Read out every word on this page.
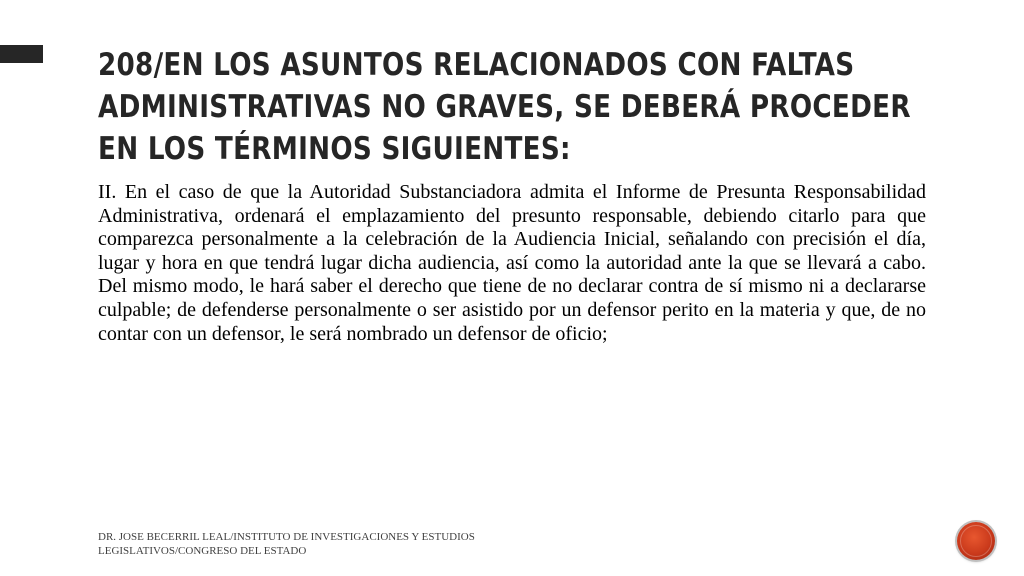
208/EN LOS ASUNTOS RELACIONADOS CON FALTAS ADMINISTRATIVAS NO GRAVES, SE DEBERÁ PROCEDER EN LOS TÉRMINOS SIGUIENTES:

II. En el caso de que la Autoridad Substanciadora admita el Informe de Presunta Responsabilidad Administrativa, ordenará el emplazamiento del presunto responsable, debiendo citarlo para que comparezca personalmente a la celebración de la Audiencia Inicial, señalando con precisión el día, lugar y hora en que tendrá lugar dicha audiencia, así como la autoridad ante la que se llevará a cabo. Del mismo modo, le hará saber el derecho que tiene de no declarar contra de sí mismo ni a declararse culpable; de defenderse personalmente o ser asistido por un defensor perito en la materia y que, de no contar con un defensor, le será nombrado un defensor de oficio;

DR. JOSE BECERRIL LEAL/INSTITUTO DE INVESTIGACIONES Y ESTUDIOS LEGISLATIVOS/CONGRESO DEL ESTADO
